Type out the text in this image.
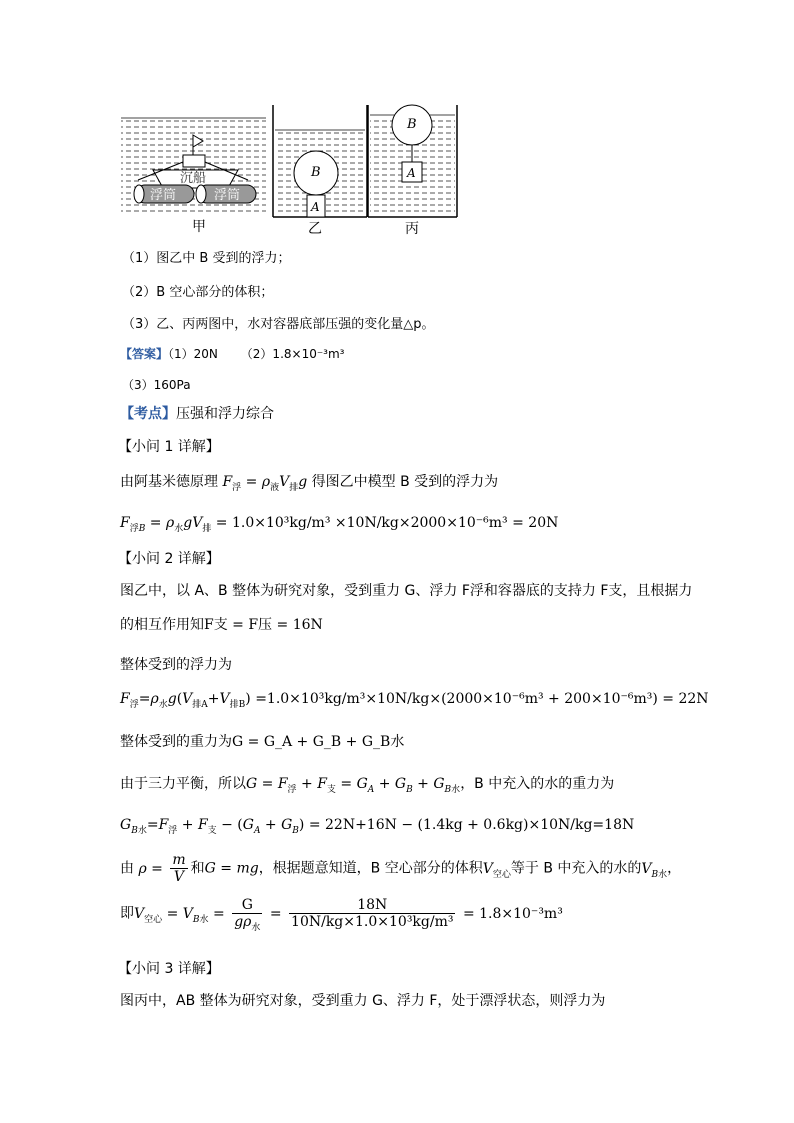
沉船
浮筒	浮筒
B
A
B
A
甲	乙	丙
（1）图乙中 B 受到的浮力；
（2）B 空心部分的体积；
（3）乙、丙两图中，水对容器底部压强的变化量△p。
【答案】（1）20N （2）1.8×10⁻³m³
（3）160Pa
【考点】压强和浮力综合
【小问 1 详解】
由阿基米德原理 $F_浮 = \rho_液V_排g$ 得图乙中模型 B 受到的浮力为
$F_{浮B} = \rho_水gV_排 = 1.0\times 10^3kg/m^3 \times 10N/kg\times 2000\times 10^{-6}m^3 = 20N$
【小问 2 详解】
图乙中，以 A、B 整体为研究对象，受到重力 G、浮力 F浮和容器底的支持力 F支，且根据力
的相互作用知F支 = F压 = 16N
整体受到的浮力为
$F_浮=\rho_水g(V_{排A}+V_{排B}) =1.0\times 10^3kg/m^3\times 10N/kg\times(2000\times 10^{-6}m^3 + 200\times 10^{-6}m^3) = 22N$
整体受到的重力为G = G_A + G_B + G_B水
由于三力平衡，所以$G = F_浮 + F_支 = G_A + G_B + G_{B水}$，B 中充入的水的重力为
$G_{B水}=F_浮 + F_支 - (G_A + G_B) = 22N+16N - (1.4kg + 0.6kg)\times 10N/kg=18N$
由 $\rho = \frac{m}{V}$ 和G = mg，根据题意知道，B 空心部分的体积$V_{空心}$等于 B 中充入的水的$V_{B水}$，
即$V_{空心} = V_{B水} = \frac{G}{g\rho_水} = \frac{18N}{\text{10N/kg×1.0×10³kg/m³}} = 1.8\times 10^{-3}m^3$
【小问 3 详解】
图丙中，AB 整体为研究对象，受到重力 G、浮力 F，处于漂浮状态，则浮力为
